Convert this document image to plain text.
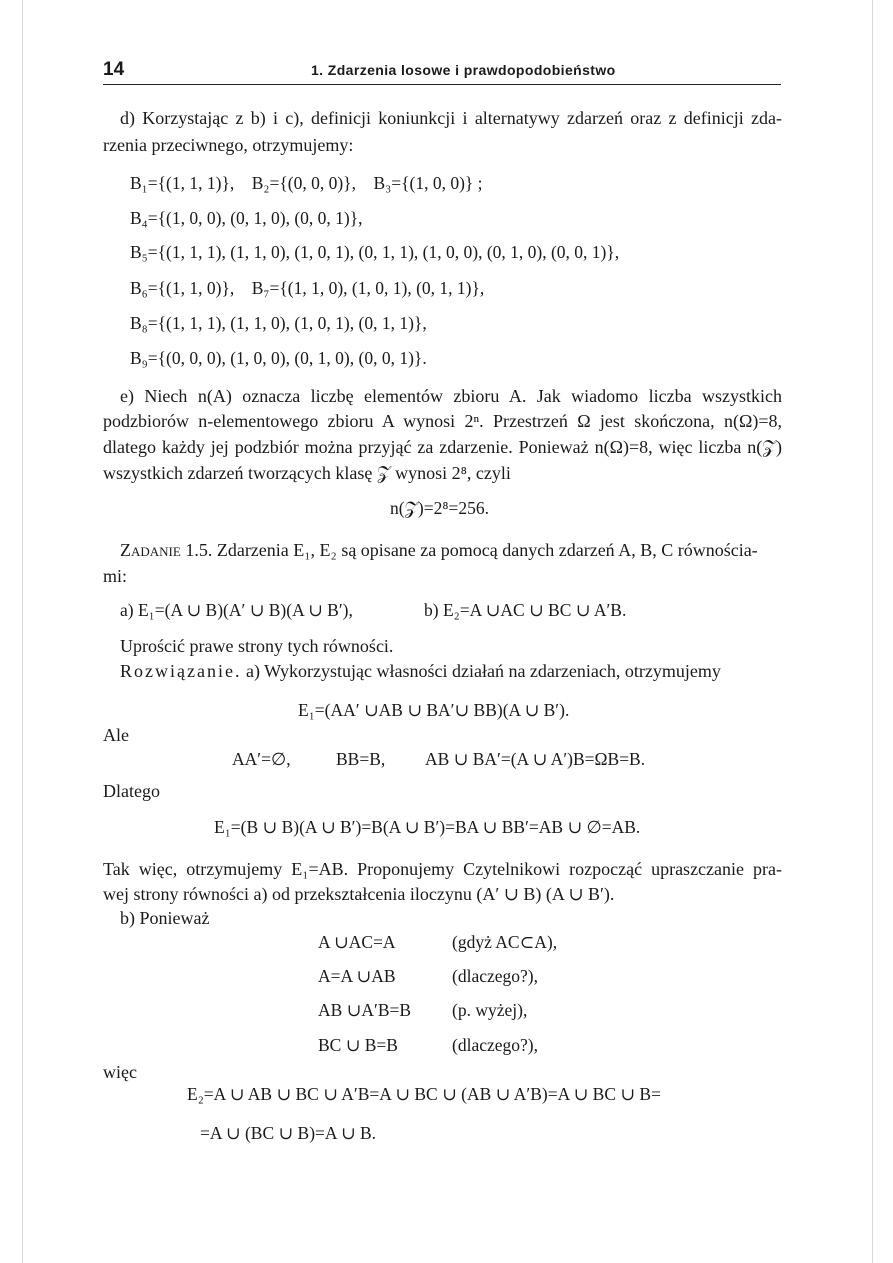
14	1. Zdarzenia losowe i prawdopodobieństwo
d) Korzystając z b) i c), definicji koniunkcji i alternatywy zdarzeń oraz z definicji zda-
rzenia przeciwnego, otrzymujemy:
B₁={(1, 1, 1)},    B₂={(0, 0, 0)},    B₃={(1, 0, 0)} ;
B₄={(1, 0, 0), (0, 1, 0), (0, 0, 1)},
B₅={(1, 1, 1), (1, 1, 0), (1, 0, 1), (0, 1, 1), (1, 0, 0), (0, 1, 0), (0, 0, 1)},
B₆={(1, 1, 0)},    B₇={(1, 1, 0), (1, 0, 1), (0, 1, 1)},
B₈={(1, 1, 1), (1, 1, 0), (1, 0, 1), (0, 1, 1)},
B₉={(0, 0, 0), (1, 0, 0), (0, 1, 0), (0, 0, 1)}.
e) Niech n(A) oznacza liczbę elementów zbioru A. Jak wiadomo liczba wszystkich
podzbiorów n-elementowego zbioru A wynosi 2ⁿ. Przestrzeń Ω jest skończona, n(Ω)=8,
dlatego każdy jej podzbiór można przyjąć za zdarzenie. Ponieważ n(Ω)=8, więc liczba n(𝒵)
wszystkich zdarzeń tworzących klasę 𝒵 wynosi 2⁸, czyli
n(𝒵)=2⁸=256.
Zadanie 1.5. Zdarzenia E₁, E₂ są opisane za pomocą danych zdarzeń A, B, C równościa-
mi:
a) E₁=(A ∪ B)(A′ ∪ B)(A ∪ B′),	b) E₂=A ∪AC ∪ BC ∪ A′B.
Uprościć prawe strony tych równości.
Rozwiązanie. a) Wykorzystując własności działań na zdarzeniach, otrzymujemy
E₁=(AA′ ∪AB ∪ BA′∪ BB)(A ∪ B′).
Ale
AA′=∅,	BB=B, AB ∪ BA′=(A ∪ A′)B=ΩB=B.
Dlatego
E₁=(B ∪ B)(A ∪ B′)=B(A ∪ B′)=BA ∪ BB′=AB ∪ ∅=AB.
Tak więc, otrzymujemy E₁=AB. Proponujemy Czytelnikowi rozpocząć upraszczanie pra-
wej strony równości a) od przekształcenia iloczynu (A′ ∪ B) (A ∪ B′).
b) Ponieważ
A ∪AC=A	(gdyż AC⊂A),
A=A ∪AB	(dlaczego?),
AB ∪A′B=B (p. wyżej),
BC ∪ B=B	(dlaczego?),
więc
E₂=A ∪ AB ∪ BC ∪ A′B=A ∪ BC ∪ (AB ∪ A′B)=A ∪ BC ∪ B=
=A ∪ (BC ∪ B)=A ∪ B.
